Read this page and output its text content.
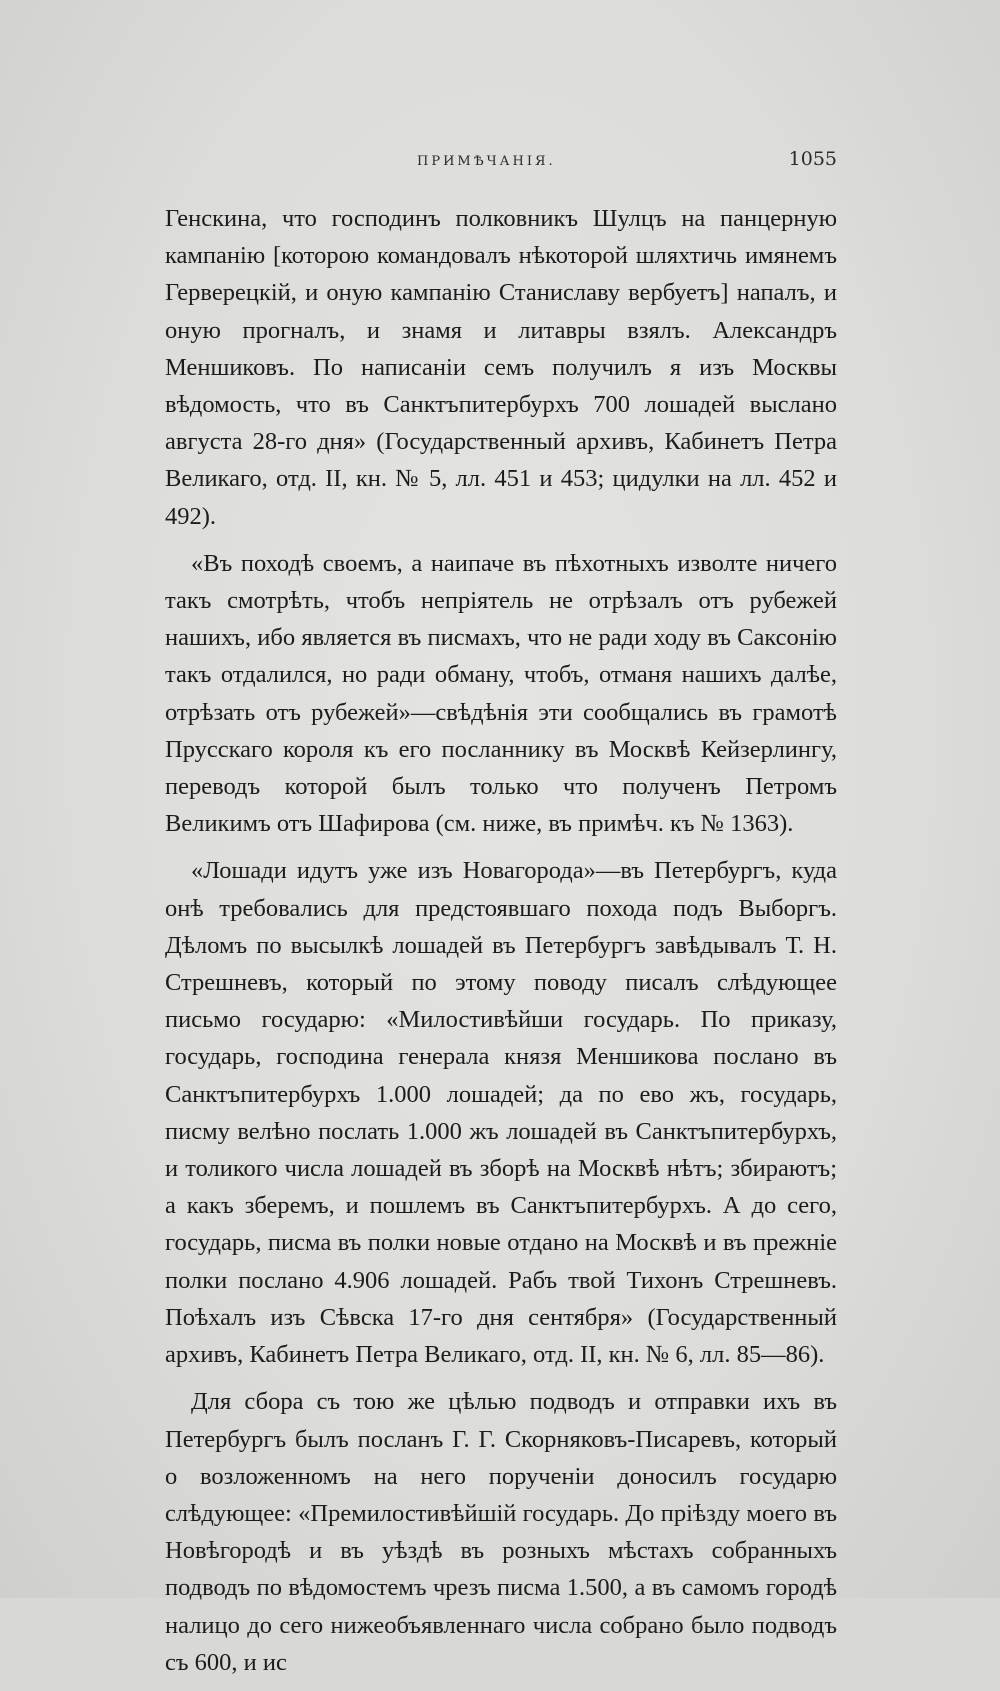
ПРИМѢЧАНІЯ.	1055

Генскина, что господинъ полковникъ Шулцъ на панцерную кампанію [которою командовалъ нѣкоторой шляхтичь имянемъ Герверецкій, и оную кампанію Станиславу вербуетъ] напалъ, и оную прогналъ, и знамя и литавры взялъ. Александръ Меншиковъ. По написаніи семъ получилъ я изъ Москвы вѣдомость, что въ Санктъпитербурхъ 700 лошадей выслано августа 28-го дня» (Государственный архивъ, Кабинетъ Петра Великаго, отд. II, кн. № 5, лл. 451 и 453; цидулки на лл. 452 и 492).

«Въ походѣ своемъ, а наипаче въ пѣхотныхъ изволте ничего такъ смотрѣть, чтобъ непріятель не отрѣзалъ отъ рубежей нашихъ, ибо является въ писмахъ, что не ради ходу въ Саксонію такъ отдалился, но ради обману, чтобъ, отманя нашихъ далѣе, отрѣзать отъ рубежей»—свѣдѣнія эти сообщались въ грамотѣ Прусскаго короля къ его посланнику въ Москвѣ Кейзерлингу, переводъ которой былъ только что полученъ Петромъ Великимъ отъ Шафирова (см. ниже, въ примѣч. къ № 1363).

«Лошади идутъ уже изъ Новагорода»—въ Петербургъ, куда онѣ требовались для предстоявшаго похода подъ Выборгъ. Дѣломъ по высылкѣ лошадей въ Петербургъ завѣдывалъ Т. Н. Стрешневъ, который по этому поводу писалъ слѣдующее письмо государю: «Милостивѣйши государь. По приказу, государь, господина генерала князя Меншикова послано въ Санктъпитербурхъ 1.000 лошадей; да по ево жъ, государь, писму велѣно послать 1.000 жъ лошадей въ Санктъпитербурхъ, и толикого числа лошадей въ зборѣ на Москвѣ нѣтъ; збираютъ; а какъ зберемъ, и пошлемъ въ Санктъпитербурхъ. А до сего, государь, писма въ полки новые отдано на Москвѣ и въ прежніе полки послано 4.906 лошадей. Рабъ твой Тихонъ Стрешневъ. Поѣхалъ изъ Сѣвска 17-го дня сентября» (Государственный архивъ, Кабинетъ Петра Великаго, отд. II, кн. № 6, лл. 85—86).

Для сбора съ тою же цѣлью подводъ и отправки ихъ въ Петербургъ былъ посланъ Г. Г. Скорняковъ-Писаревъ, который о возложенномъ на него порученіи доносилъ государю слѣдующее: «Премилостивѣйшій государь. До пріѣзду моего въ Новѣгородѣ и въ уѣздѣ въ розныхъ мѣстахъ собранныхъ подводъ по вѣдомостемъ чрезъ писма 1.500, а въ самомъ городѣ налицо до сего нижеобъявленнаго числа собрано было подводъ съ 600, и ис
